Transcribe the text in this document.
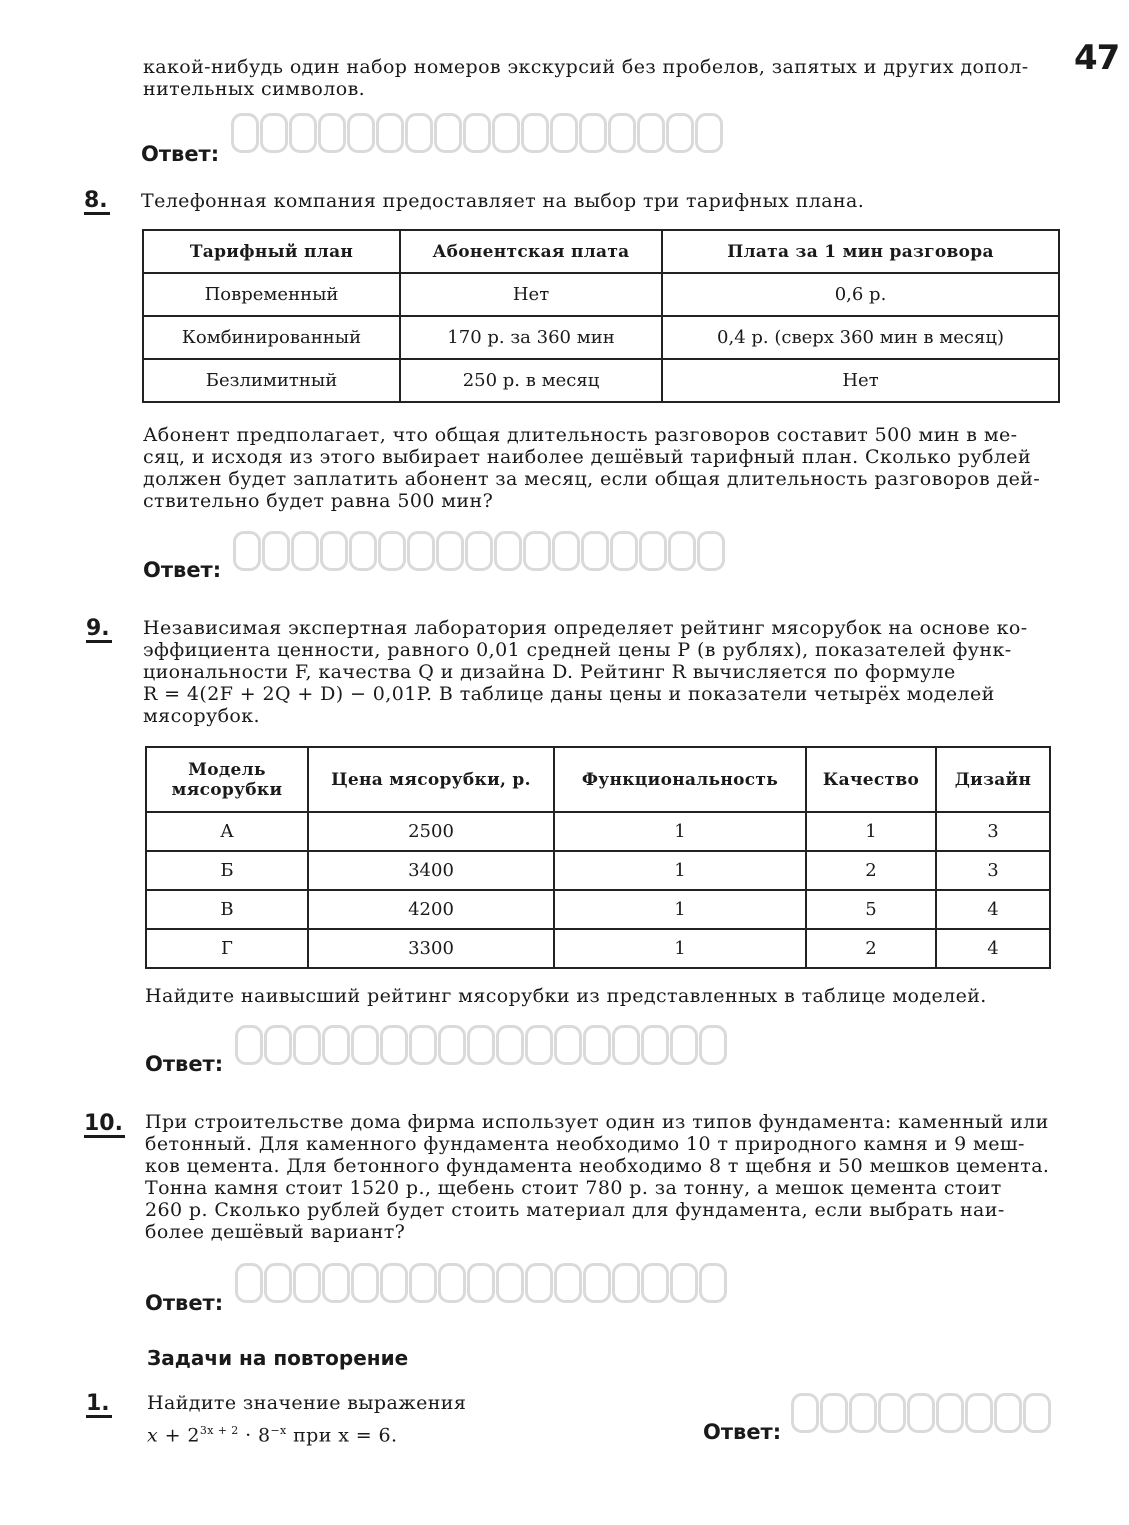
47
какой-нибудь один набор номеров экскурсий без пробелов, запятых и других допол-
нительных символов.
Ответ:
8. Телефонная компания предоставляет на выбор три тарифных плана.
Тарифный план	Абонентская плата	Плата за 1 мин разговора
Повременный	Нет	0,6 р.
Комбинированный	170 р. за 360 мин	0,4 р. (сверх 360 мин в месяц)
Безлимитный	250 р. в месяц	Нет
Абонент предполагает, что общая длительность разговоров составит 500 мин в ме-
сяц, и исходя из этого выбирает наиболее дешёвый тарифный план. Сколько рублей
должен будет заплатить абонент за месяц, если общая длительность разговоров дей-
ствительно будет равна 500 мин?
Ответ:
9. Независимая экспертная лаборатория определяет рейтинг мясорубок на основе ко-
эффициента ценности, равного 0,01 средней цены P (в рублях), показателей функ-
циональности F, качества Q и дизайна D. Рейтинг R вычисляется по формуле
R = 4(2F + 2Q + D) − 0,01P. В таблице даны цены и показатели четырёх моделей
мясорубок.
Модель мясорубки	Цена мясорубки, р.	Функциональность	Качество	Дизайн
А	2500	1	1	3
Б	3400	1	2	3
В	4200	1	5	4
Г	3300	1	2	4
Найдите наивысший рейтинг мясорубки из представленных в таблице моделей.
Ответ:
10. При строительстве дома фирма использует один из типов фундамента: каменный или
бетонный. Для каменного фундамента необходимо 10 т природного камня и 9 меш-
ков цемента. Для бетонного фундамента необходимо 8 т щебня и 50 мешков цемента.
Тонна камня стоит 1520 р., щебень стоит 780 р. за тонну, а мешок цемента стоит
260 р. Сколько рублей будет стоить материал для фундамента, если выбрать наи-
более дешёвый вариант?
Ответ:
Задачи на повторение
1. Найдите значение выражения
$x + 2^{3x + 2} \cdot 8^{-x}$ при x = 6.	Ответ:
